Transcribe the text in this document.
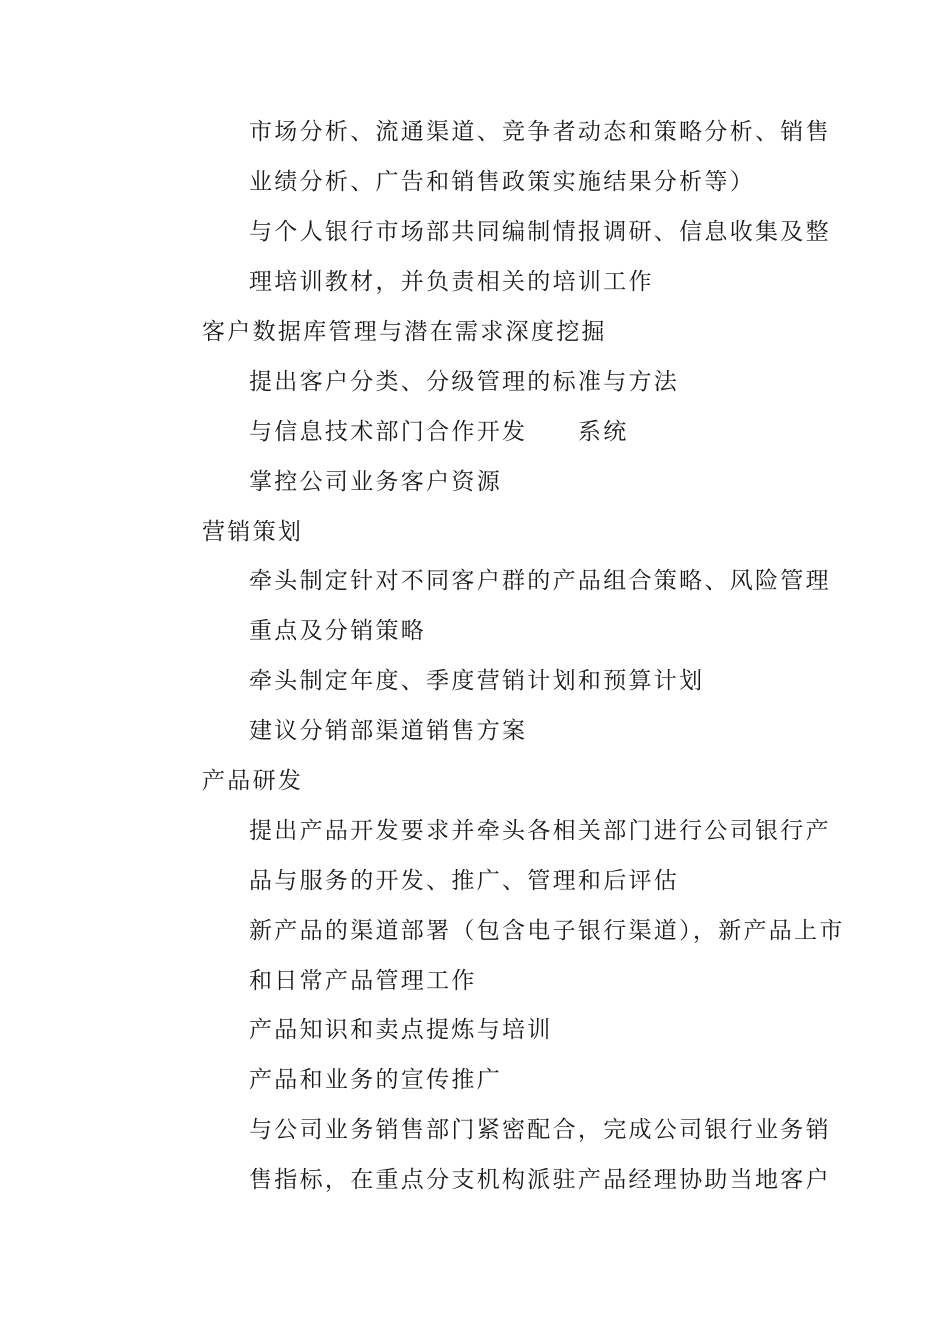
市场分析、流通渠道、竞争者动态和策略分析、销售
业绩分析、广告和销售政策实施结果分析等）
与个人银行市场部共同编制情报调研、信息收集及整
理培训教材，并负责相关的培训工作
客户数据库管理与潜在需求深度挖掘
提出客户分类、分级管理的标准与方法
与信息技术部门合作开发　　系统
掌控公司业务客户资源
营销策划
牵头制定针对不同客户群的产品组合策略、风险管理
重点及分销策略
牵头制定年度、季度营销计划和预算计划
建议分销部渠道销售方案
产品研发
提出产品开发要求并牵头各相关部门进行公司银行产
品与服务的开发、推广、管理和后评估
新产品的渠道部署（包含电子银行渠道），新产品上市
和日常产品管理工作
产品知识和卖点提炼与培训
产品和业务的宣传推广
与公司业务销售部门紧密配合，完成公司银行业务销
售指标，在重点分支机构派驻产品经理协助当地客户
